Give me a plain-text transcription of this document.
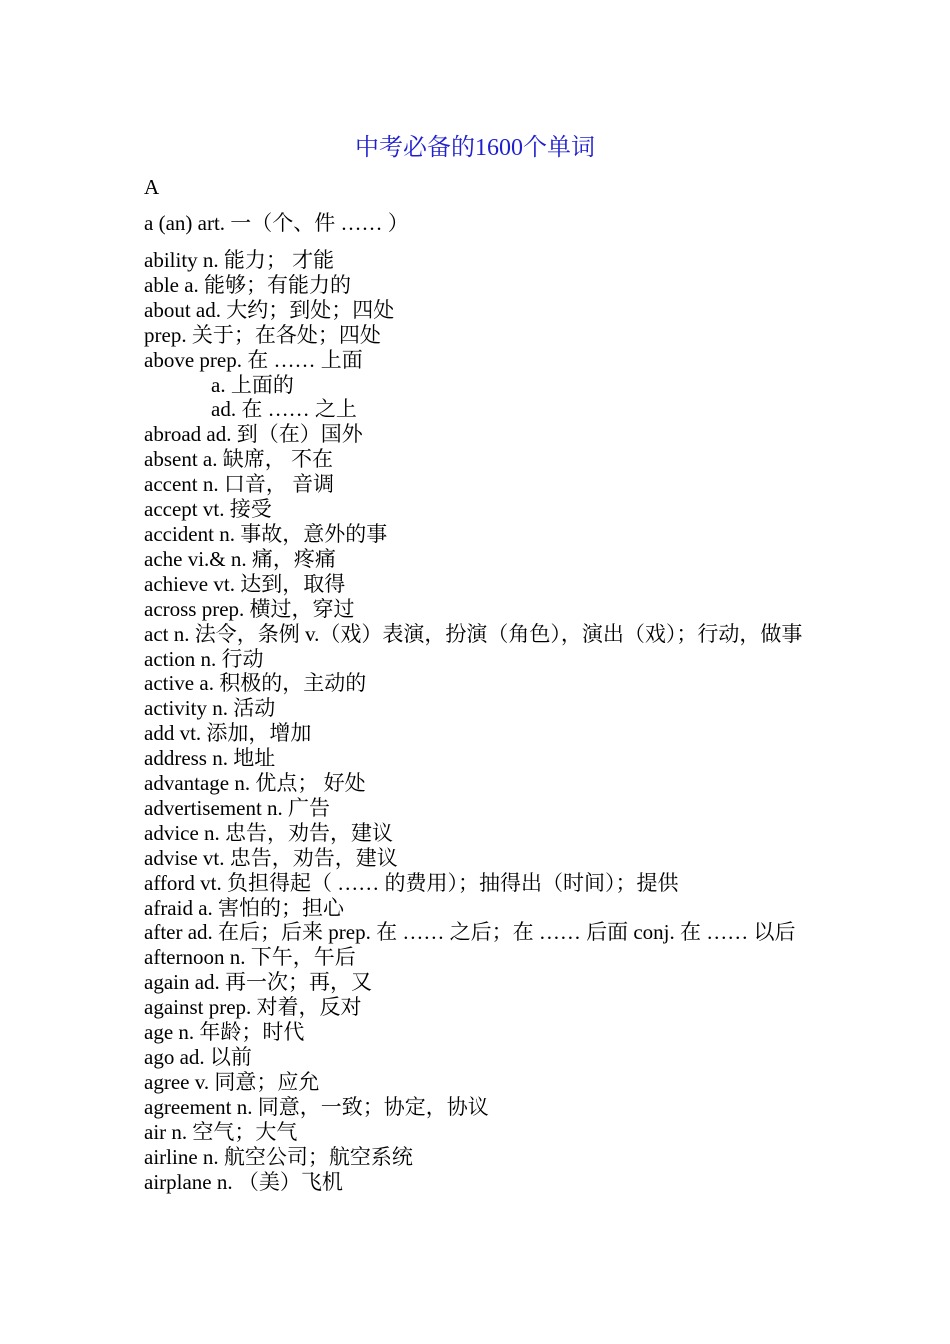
中考必备的1600个单词
A
a (an) art. 一（个、件 …… ）
ability n. 能力； 才能
able a. 能够；有能力的
about ad. 大约；到处；四处
prep. 关于；在各处；四处
above prep. 在 …… 上面
a. 上面的
ad. 在 …… 之上
abroad ad. 到（在）国外
absent a. 缺席， 不在
accent n. 口音， 音调
accept vt. 接受
accident n. 事故，意外的事
ache vi.& n. 痛，疼痛
achieve vt. 达到，取得
across prep. 横过，穿过
act n. 法令，条例 v.（戏）表演，扮演（角色），演出（戏）；行动，做事
action n. 行动
active a. 积极的，主动的
activity n. 活动
add vt. 添加，增加
address n. 地址
advantage n. 优点； 好处
advertisement n. 广告
advice n. 忠告，劝告，建议
advise vt. 忠告，劝告，建议
afford vt. 负担得起（ …… 的费用）；抽得出（时间）；提供
afraid a. 害怕的；担心
after ad. 在后；后来 prep. 在 …… 之后；在 …… 后面 conj. 在 …… 以后
afternoon n. 下午，午后
again ad. 再一次；再，又
against prep. 对着，反对
age n. 年龄；时代
ago ad. 以前
agree v. 同意；应允
agreement n. 同意，一致；协定，协议
air n. 空气；大气
airline n. 航空公司；航空系统
airplane n. （美）飞机
